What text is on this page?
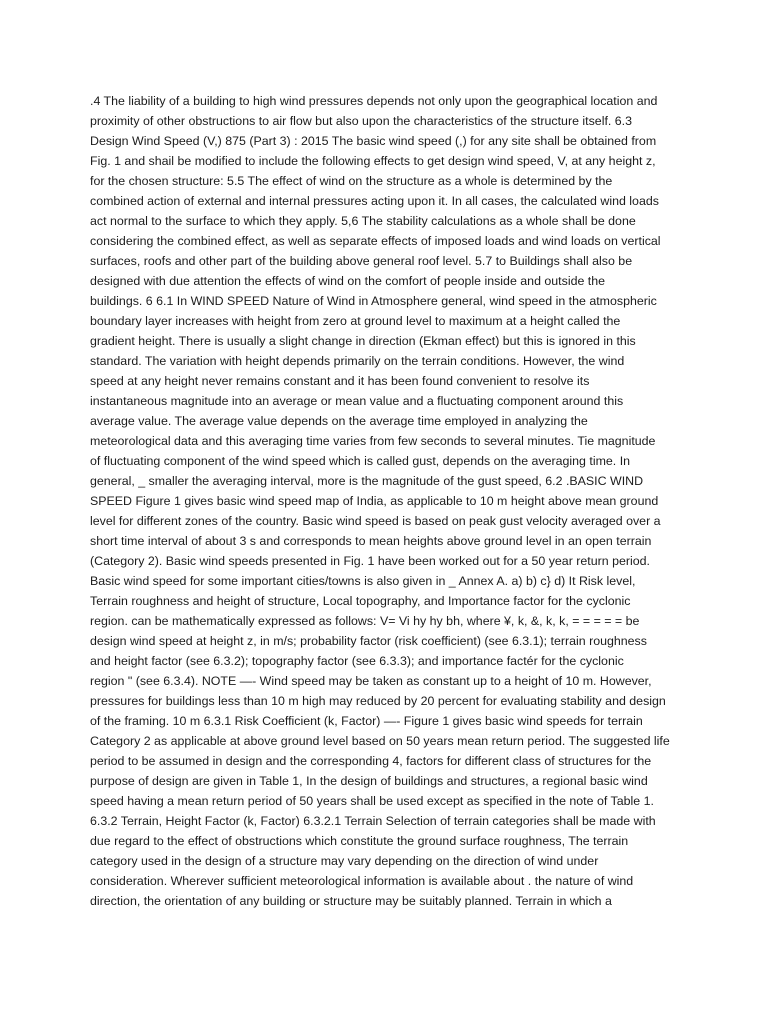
.4 The liability of a building to high wind pressures depends not only upon the geographical location and
proximity of other obstructions to air flow but also upon the characteristics of the structure itself. 6.3
Design Wind Speed (V,) 875 (Part 3) : 2015 The basic wind speed (,) for any site shall be obtained from
Fig. 1 and shail be modified to include the following effects to get design wind speed, V, at any height z,
for the chosen structure: 5.5 The effect of wind on the structure as a whole is determined by the
combined action of external and internal pressures acting upon it. In all cases, the calculated wind loads
act normal to the surface to which they apply. 5,6 The stability calculations as a whole shall be done
considering the combined effect, as well as separate effects of imposed loads and wind loads on vertical
surfaces, roofs and other part of the building above general roof level. 5.7 to Buildings shall also be
designed with due attention the effects of wind on the comfort of people inside and outside the
buildings. 6 6.1 In WIND SPEED Nature of Wind in Atmosphere general, wind speed in the atmospheric
boundary layer increases with height from zero at ground level to maximum at a height called the
gradient height. There is usually a slight change in direction (Ekman effect) but this is ignored in this
standard. The variation with height depends primarily on the terrain conditions. However, the wind
speed at any height never remains constant and it has been found convenient to resolve its
instantaneous magnitude into an average or mean value and a fluctuating component around this
average value. The average value depends on the average time employed in analyzing the
meteorological data and this averaging time varies from few seconds to several minutes. Tie magnitude
of fluctuating component of the wind speed which is called gust, depends on the averaging time. In
general, _ smaller the averaging interval, more is the magnitude of the gust speed, 6.2 .BASIC WIND
SPEED Figure 1 gives basic wind speed map of India, as applicable to 10 m height above mean ground
level for different zones of the country. Basic wind speed is based on peak gust velocity averaged over a
short time interval of about 3 s and corresponds to mean heights above ground level in an open terrain
(Category 2). Basic wind speeds presented in Fig. 1 have been worked out for a 50 year return period.
Basic wind speed for some important cities/towns is also given in _ Annex A. a) b) c} d) It Risk level,
Terrain roughness and height of structure, Local topography, and Importance factor for the cyclonic
region. can be mathematically expressed as follows: V= Vi hy hy bh, where ¥, k, &, k, k, = = = = = be
design wind speed at height z, in m/s; probability factor (risk coefficient) (see 6.3.1); terrain roughness
and height factor (see 6.3.2); topography factor (see 6.3.3); and importance factér for the cyclonic
region " (see 6.3.4). NOTE —- Wind speed may be taken as constant up to a height of 10 m. However,
pressures for buildings less than 10 m high may reduced by 20 percent for evaluating stability and design
of the framing. 10 m 6.3.1 Risk Coefficient (k, Factor) —- Figure 1 gives basic wind speeds for terrain
Category 2 as applicable at above ground level based on 50 years mean return period. The suggested life
period to be assumed in design and the corresponding 4, factors for different class of structures for the
purpose of design are given in Table 1, In the design of buildings and structures, a regional basic wind
speed having a mean return period of 50 years shall be used except as specified in the note of Table 1.
6.3.2 Terrain, Height Factor (k, Factor) 6.3.2.1 Terrain Selection of terrain categories shall be made with
due regard to the effect of obstructions which constitute the ground surface roughness, The terrain
category used in the design of a structure may vary depending on the direction of wind under
consideration. Wherever sufficient meteorological information is available about . the nature of wind
direction, the orientation of any building or structure may be suitably planned. Terrain in which a
